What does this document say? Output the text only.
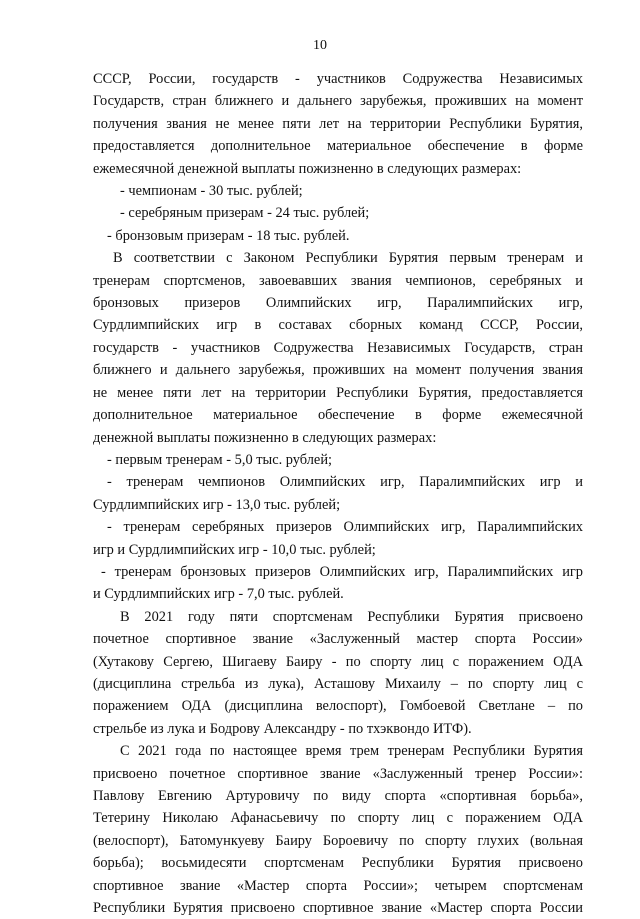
10
СССР, России, государств - участников Содружества Независимых
Государств, стран ближнего и дальнего зарубежья, проживших на момент
получения звания не менее пяти лет на территории Республики Бурятия,
предоставляется дополнительное материальное обеспечение в форме
ежемесячной денежной выплаты пожизненно в следующих размерах:
- чемпионам - 30 тыс. рублей;
- серебряным призерам - 24 тыс. рублей;
- бронзовым призерам - 18 тыс. рублей.
В соответствии с Законом Республики Бурятия первым тренерам и
тренерам спортсменов, завоевавших звания чемпионов, серебряных и
бронзовых призеров Олимпийских игр, Паралимпийских игр,
Сурдлимпийских игр в составах сборных команд СССР, России,
государств - участников Содружества Независимых Государств, стран
ближнего и дальнего зарубежья, проживших на момент получения звания
не менее пяти лет на территории Республики Бурятия, предоставляется
дополнительное материальное обеспечение в форме ежемесячной
денежной выплаты пожизненно в следующих размерах:
- первым тренерам - 5,0 тыс. рублей;
- тренерам чемпионов Олимпийских игр, Паралимпийских игр и
Сурдлимпийских игр - 13,0 тыс. рублей;
- тренерам серебряных призеров Олимпийских игр, Паралимпийских
игр и Сурдлимпийских игр - 10,0 тыс. рублей;
- тренерам бронзовых призеров Олимпийских игр, Паралимпийских игр
и Сурдлимпийских игр - 7,0 тыс. рублей.
В 2021 году пяти спортсменам Республики Бурятия присвоено
почетное спортивное звание «Заслуженный мастер спорта России»
(Хутакову Сергею, Шигаеву Баиру - по спорту лиц с поражением ОДА
(дисциплина стрельба из лука), Асташову Михаилу – по спорту лиц с
поражением ОДА (дисциплина велоспорт), Гомбоевой Светлане – по
стрельбе из лука и Бодрову Александру - по тхэквондо ИТФ).
С 2021 года по настоящее время трем тренерам Республики Бурятия
присвоено почетное спортивное звание «Заслуженный тренер России»:
Павлову Евгению Артуровичу по виду спорта «спортивная борьба»,
Тетерину Николаю Афанасьевичу по спорту лиц с поражением ОДА
(велоспорт), Батомункуеву Баиру Бороевичу по спорту глухих (вольная
борьба); восьмидесяти спортсменам Республики Бурятия присвоено
спортивное звание «Мастер спорта России»; четырем спортсменам
Республики Бурятия присвоено спортивное звание «Мастер спорта России
